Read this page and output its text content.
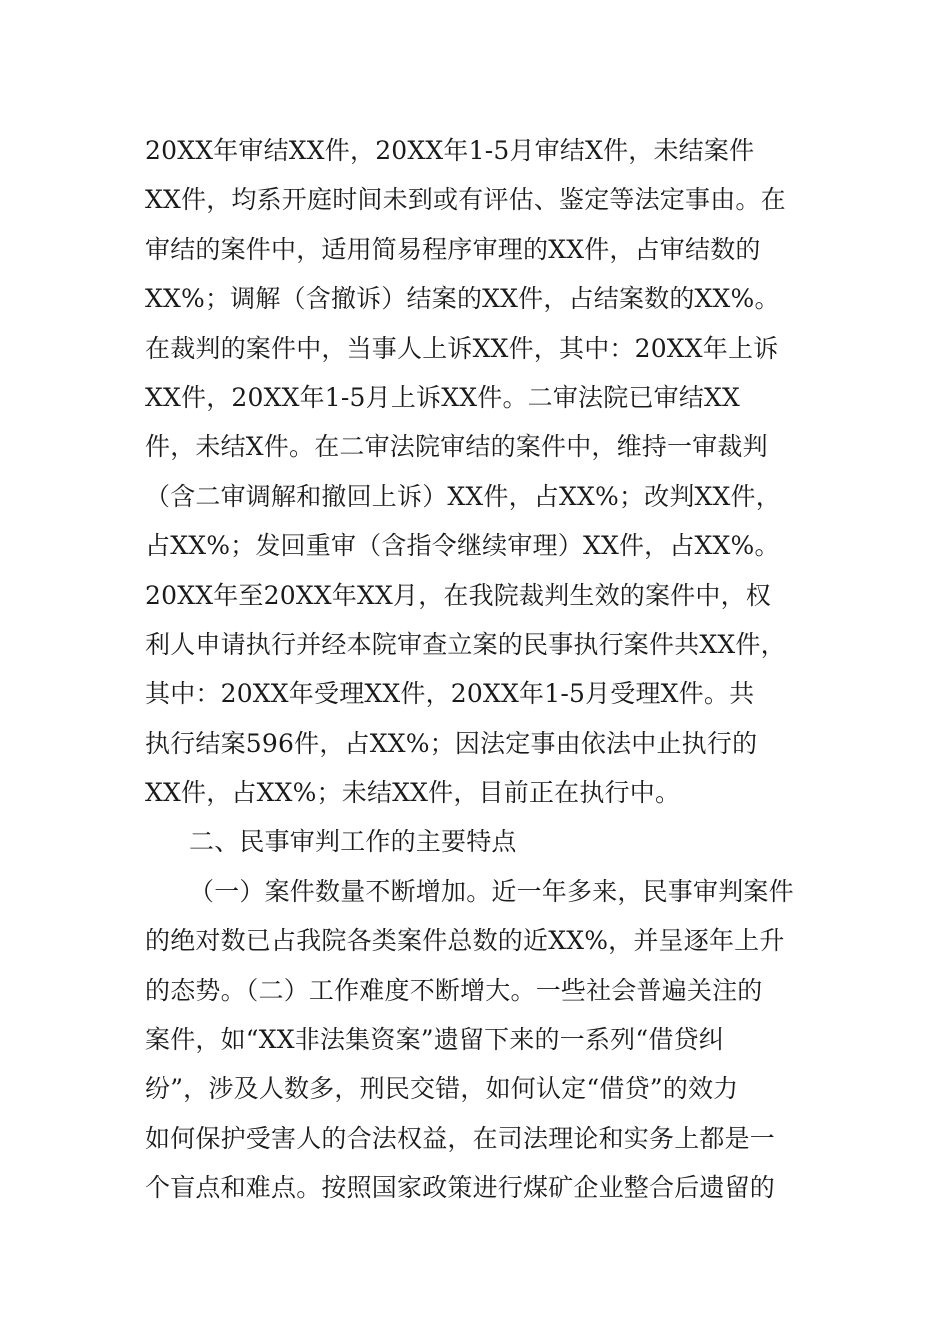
20XX年审结XX件，20XX年1-5月审结X件，未结案件
XX件，均系开庭时间未到或有评估、鉴定等法定事由。在
审结的案件中，适用简易程序审理的XX件，占审结数的
XX%；调解（含撤诉）结案的XX件，占结案数的XX%。
在裁判的案件中，当事人上诉XX件，其中：20XX年上诉
XX件，20XX年1-5月上诉XX件。二审法院已审结XX
件，未结X件。在二审法院审结的案件中，维持一审裁判
（含二审调解和撤回上诉）XX件，占XX%；改判XX件，
占XX%；发回重审（含指令继续审理）XX件，占XX%。
20XX年至20XX年XX月，在我院裁判生效的案件中，权
利人申请执行并经本院审查立案的民事执行案件共XX件，
其中：20XX年受理XX件，20XX年1-5月受理X件。共
执行结案596件，占XX%；因法定事由依法中止执行的
XX件，占XX%；未结XX件，目前正在执行中。
二、民事审判工作的主要特点
（一）案件数量不断增加。近一年多来，民事审判案件
的绝对数已占我院各类案件总数的近XX%，并呈逐年上升
的态势。（二）工作难度不断增大。一些社会普遍关注的
案件，如“XX非法集资案”遗留下来的一系列“借贷纠
纷”，涉及人数多，刑民交错，如何认定“借贷”的效力
如何保护受害人的合法权益，在司法理论和实务上都是一
个盲点和难点。按照国家政策进行煤矿企业整合后遗留的
